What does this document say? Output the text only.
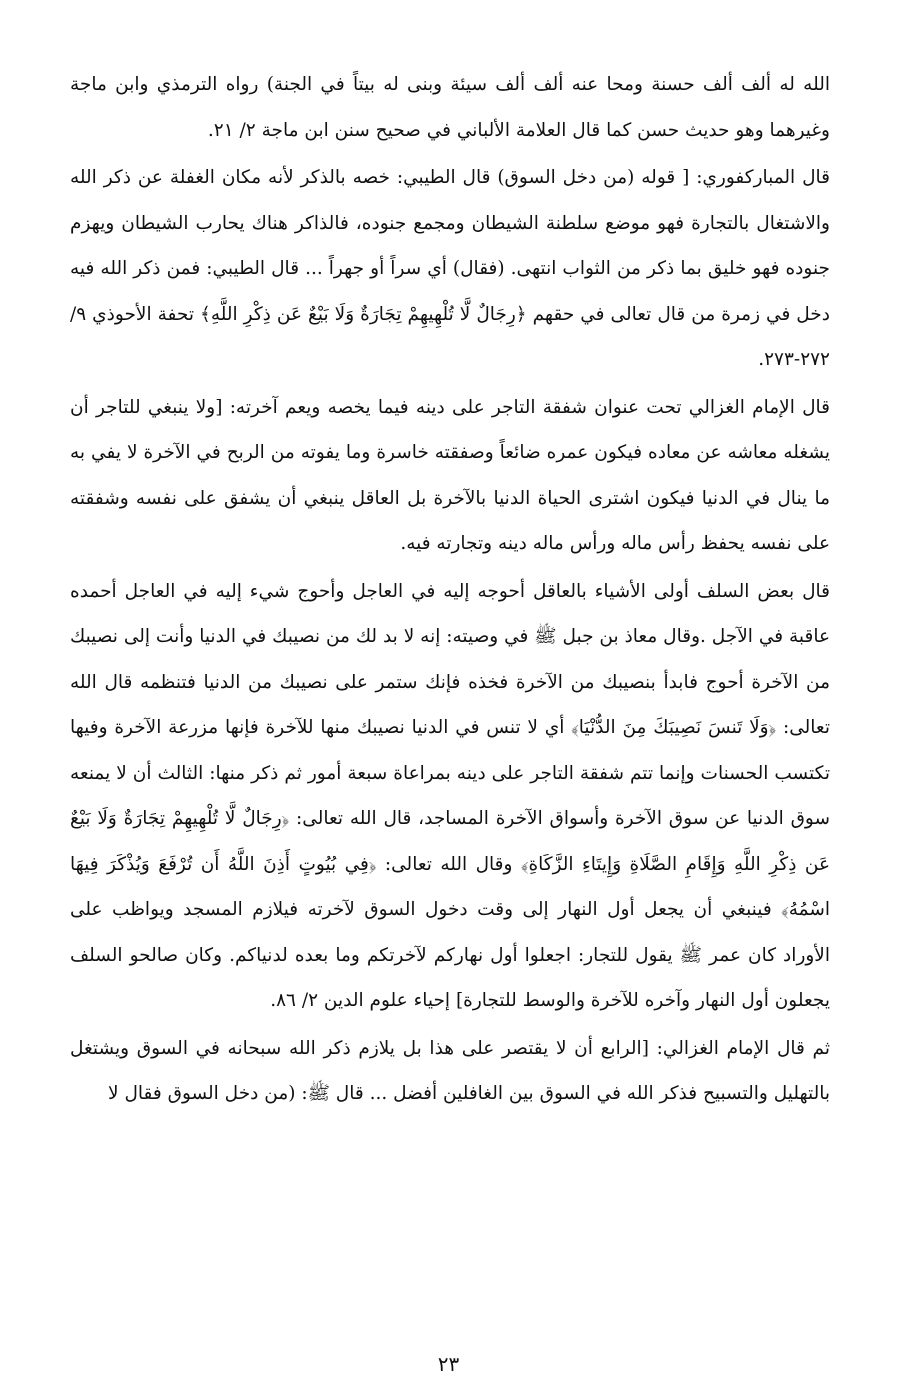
الله له ألف ألف حسنة ومحا عنه ألف ألف سيئة وبنى له بيتاً في الجنة) رواه الترمذي وابن ماجة وغيرهما وهو حديث حسن كما قال العلامة الألباني في صحيح سنن ابن ماجة ٢/ ٢١.

قال المباركفوري: [ قوله (من دخل السوق) قال الطيبي: خصه بالذكر لأنه مكان الغفلة عن ذكر الله والاشتغال بالتجارة فهو موضع سلطنة الشيطان ومجمع جنوده، فالذاكر هناك يحارب الشيطان ويهزم جنوده فهو خليق بما ذكر من الثواب انتهى. (فقال) أي سراً أو جهراً ... قال الطيبي: فمن ذكر الله فيه دخل في زمرة من قال تعالى في حقهم ﴿رِجَالٌ لَّا تُلْهِيهِمْ تِجَارَةٌ وَلَا بَيْعٌ عَن ذِكْرِ اللَّهِ﴾ تحفة الأحوذي ٩/ ٢٧٢-٢٧٣.

قال الإمام الغزالي تحت عنوان شفقة التاجر على دينه فيما يخصه ويعم آخرته: [ولا ينبغي للتاجر أن يشغله معاشه عن معاده فيكون عمره ضائعاً وصفقته خاسرة وما يفوته من الربح في الآخرة لا يفي به ما ينال في الدنيا فيكون اشترى الحياة الدنيا بالآخرة بل العاقل ينبغي أن يشفق على نفسه وشفقته على نفسه يحفظ رأس ماله ورأس ماله دينه وتجارته فيه.

قال بعض السلف أولى الأشياء بالعاقل أحوجه إليه في العاجل وأحوج شيء إليه في العاجل أحمده عاقبة في الآجل .وقال معاذ بن جبل ﷺ في وصيته: إنه لا بد لك من نصيبك في الدنيا وأنت إلى نصيبك من الآخرة أحوج فابدأ بنصيبك من الآخرة فخذه فإنك ستمر على نصيبك من الدنيا فتنظمه قال الله تعالى: ﴿وَلَا تَنسَ نَصِيبَكَ مِنَ الدُّنْيَا﴾ أي لا تنس في الدنيا نصيبك منها للآخرة فإنها مزرعة الآخرة وفيها تكتسب الحسنات وإنما تتم شفقة التاجر على دينه بمراعاة سبعة أمور ثم ذكر منها: الثالث أن لا يمنعه سوق الدنيا عن سوق الآخرة وأسواق الآخرة المساجد، قال الله تعالى: ﴿رِجَالٌ لَّا تُلْهِيهِمْ تِجَارَةٌ وَلَا بَيْعٌ عَن ذِكْرِ اللَّهِ وَإِقَامِ الصَّلَاةِ وَإِيتَاءِ الزَّكَاةِ﴾ وقال الله تعالى: ﴿فِي بُيُوتٍ أَذِنَ اللَّهُ أَن تُرْفَعَ وَيُذْكَرَ فِيهَا اسْمُهُ﴾ فينبغي أن يجعل أول النهار إلى وقت دخول السوق لآخرته فيلازم المسجد ويواظب على الأوراد كان عمر ﷺ يقول للتجار: اجعلوا أول نهاركم لآخرتكم وما بعده لدنياكم. وكان صالحو السلف يجعلون أول النهار وآخره للآخرة والوسط للتجارة] إحياء علوم الدين ٢/ ٨٦.

ثم قال الإمام الغزالي: [الرابع أن لا يقتصر على هذا بل يلازم ذكر الله سبحانه في السوق ويشتغل بالتهليل والتسبيح فذكر الله في السوق بين الغافلين أفضل ... قال ﷺ: (من دخل السوق فقال لا

٢٣
